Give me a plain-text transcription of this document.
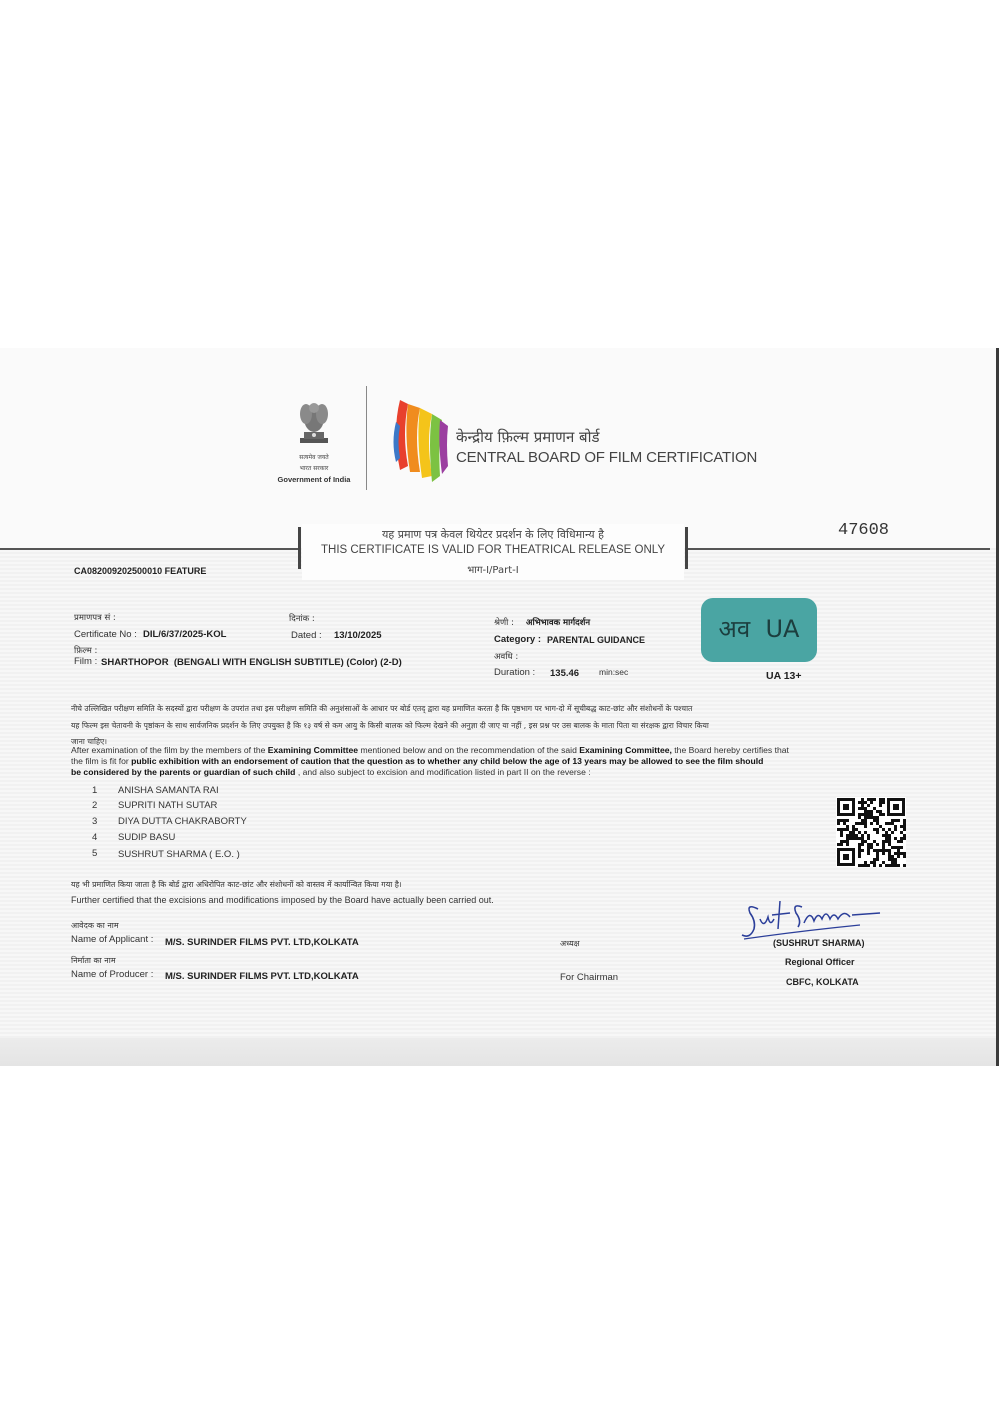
सत्यमेव जयते
भारत सरकार
Government of India
केन्द्रीय फ़िल्म प्रमाणन बोर्ड
CENTRAL BOARD OF FILM CERTIFICATION
47608
यह प्रमाण पत्र केवल थियेटर प्रदर्शन के लिए विधिमान्य है
THIS CERTIFICATE IS VALID FOR THEATRICAL RELEASE ONLY
भाग-I/Part-I
CA082009202500010 FEATURE
प्रमाणपत्र सं :
Certificate No : DIL/6/37/2025-KOL
दिनांक :
Dated : 13/10/2025
श्रेणी : अभिभावक मार्गदर्शन
Category : PARENTAL GUIDANCE
फ़िल्म :
Film : SHARTHOPOR  (BENGALI WITH ENGLISH SUBTITLE) (Color) (2-D)	अवधि :
Duration : 135.46 min:sec
अव  UA
UA 13+
नीचे उल्लिखित परीक्षण समिति के सदस्यों द्वारा परीक्षण के उपरांत तथा इस परीक्षण समिति की अनुशंसाओं के आधार पर बोर्ड एतद् द्वारा यह प्रमाणित करता है कि पृष्ठभाग पर भाग-दो में सूचीबद्ध काट-छांट और संशोधनों के पश्चात
यह फिल्म इस चेतावनी के पृष्ठांकन के साथ सार्वजनिक प्रदर्शन के लिए उपयुक्त है कि १३ वर्ष से कम आयु के किसी बालक को फिल्म देखने की अनुज्ञा दी जाए या नहीं , इस प्रश्न पर उस बालक के माता पिता या संरक्षक द्वारा विचार किया
जाना चाहिए।
After examination of the film by the members of the Examining Committee mentioned below and on the recommendation of the said Examining Committee, the Board hereby certifies that
the film is fit for public exhibition with an endorsement of caution that the question as to whether any child below the age of 13 years may be allowed to see the film should
be considered by the parents or guardian of such child , and also subject to excision and modification listed in part II on the reverse :
1 ANISHA SAMANTA RAI
2 SUPRITI NATH SUTAR
3 DIYA DUTTA CHAKRABORTY
4 SUDIP BASU
5 SUSHRUT SHARMA ( E.O. )
यह भी प्रमाणित किया जाता है कि बोर्ड द्वारा अधिरोपित काट-छांट और संशोधनों को वास्तव में कार्यान्वित किया गया है।
Further certified that the excisions and modifications imposed by the Board have actually been carried out.
आवेदक का नाम
Name of Applicant : M/S. SURINDER FILMS PVT. LTD,KOLKATA
निर्माता का नाम
Name of Producer : M/S. SURINDER FILMS PVT. LTD,KOLKATA
अध्यक्ष
For Chairman
(SUSHRUT SHARMA)
Regional Officer
CBFC, KOLKATA
